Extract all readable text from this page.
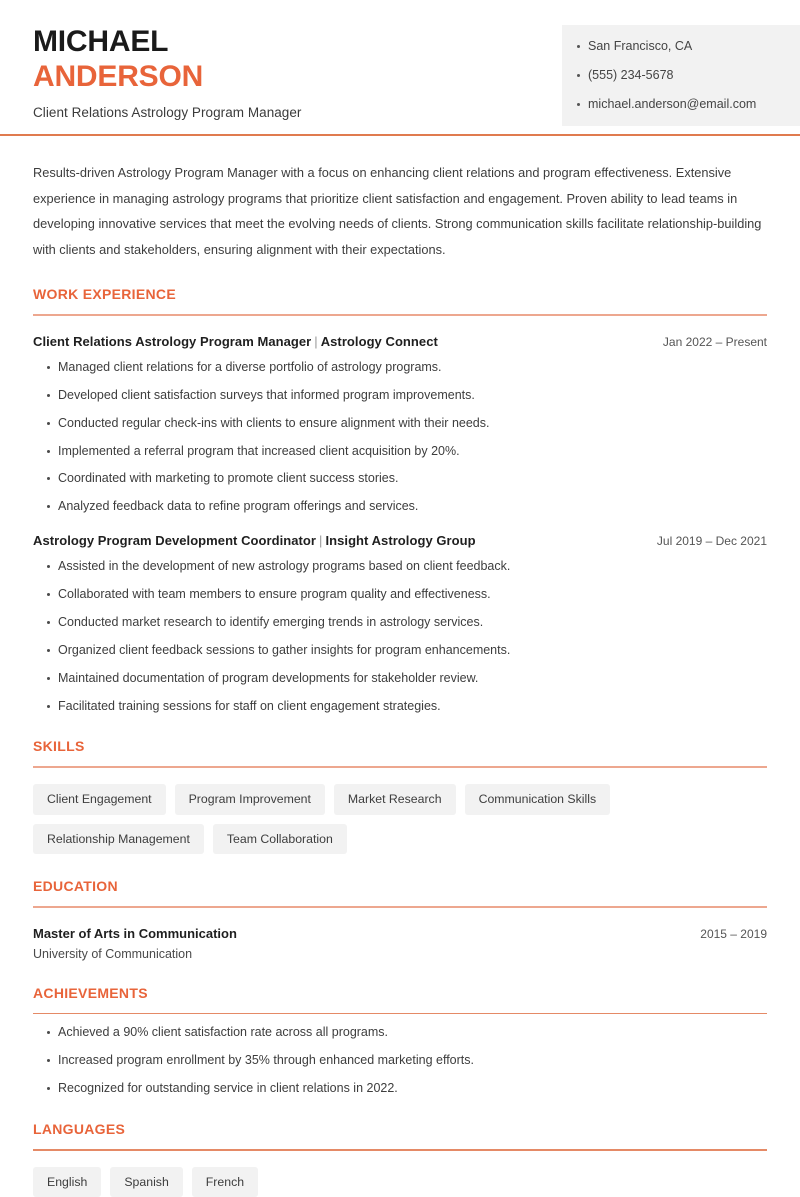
MICHAEL
ANDERSON
Client Relations Astrology Program Manager
San Francisco, CA
(555) 234-5678
michael.anderson@email.com

Results-driven Astrology Program Manager with a focus on enhancing client relations and program effectiveness. Extensive experience in managing astrology programs that prioritize client satisfaction and engagement. Proven ability to lead teams in developing innovative services that meet the evolving needs of clients. Strong communication skills facilitate relationship-building with clients and stakeholders, ensuring alignment with their expectations.

WORK EXPERIENCE
Client Relations Astrology Program Manager | Astrology Connect	Jan 2022 – Present
Managed client relations for a diverse portfolio of astrology programs.
Developed client satisfaction surveys that informed program improvements.
Conducted regular check-ins with clients to ensure alignment with their needs.
Implemented a referral program that increased client acquisition by 20%.
Coordinated with marketing to promote client success stories.
Analyzed feedback data to refine program offerings and services.
Astrology Program Development Coordinator | Insight Astrology Group	Jul 2019 – Dec 2021
Assisted in the development of new astrology programs based on client feedback.
Collaborated with team members to ensure program quality and effectiveness.
Conducted market research to identify emerging trends in astrology services.
Organized client feedback sessions to gather insights for program enhancements.
Maintained documentation of program developments for stakeholder review.
Facilitated training sessions for staff on client engagement strategies.
SKILLS
Client Engagement	Program Improvement	Market Research	Communication Skills
Relationship Management	Team Collaboration
EDUCATION
Master of Arts in Communication	2015 – 2019
University of Communication
ACHIEVEMENTS
Achieved a 90% client satisfaction rate across all programs.
Increased program enrollment by 35% through enhanced marketing efforts.
Recognized for outstanding service in client relations in 2022.
LANGUAGES
English	Spanish	French
